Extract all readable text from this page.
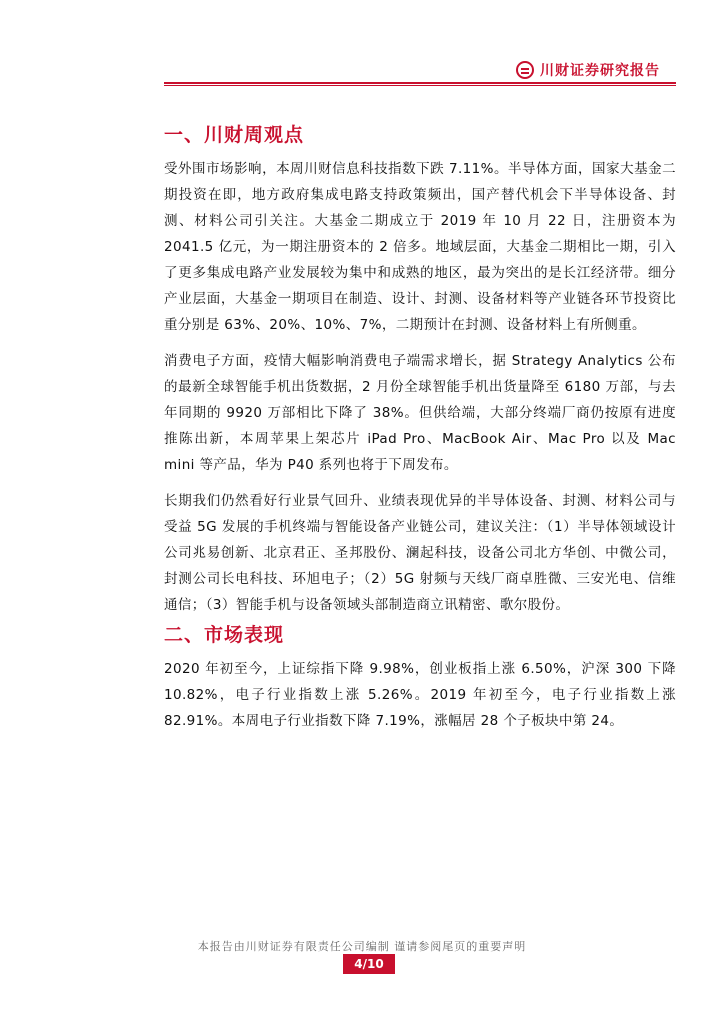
川财证券研究报告
一、川财周观点
受外围市场影响，本周川财信息科技指数下跌 7.11%。半导体方面，国家大基金二期投资在即，地方政府集成电路支持政策频出，国产替代机会下半导体设备、封测、材料公司引关注。大基金二期成立于 2019 年 10 月 22 日，注册资本为 2041.5 亿元，为一期注册资本的 2 倍多。地域层面，大基金二期相比一期，引入了更多集成电路产业发展较为集中和成熟的地区，最为突出的是长江经济带。细分产业层面，大基金一期项目在制造、设计、封测、设备材料等产业链各环节投资比重分别是 63%、20%、10%、7%，二期预计在封测、设备材料上有所侧重。
消费电子方面，疫情大幅影响消费电子端需求增长，据 Strategy Analytics 公布的最新全球智能手机出货数据，2 月份全球智能手机出货量降至 6180 万部，与去年同期的 9920 万部相比下降了 38%。但供给端，大部分终端厂商仍按原有进度推陈出新，本周苹果上架芯片 iPad Pro、MacBook Air、Mac Pro 以及 Mac mini 等产品，华为 P40 系列也将于下周发布。
长期我们仍然看好行业景气回升、业绩表现优异的半导体设备、封测、材料公司与受益 5G 发展的手机终端与智能设备产业链公司，建议关注：（1）半导体领域设计公司兆易创新、北京君正、圣邦股份、澜起科技，设备公司北方华创、中微公司，封测公司长电科技、环旭电子；（2）5G 射频与天线厂商卓胜微、三安光电、信维通信；（3）智能手机与设备领域头部制造商立讯精密、歌尔股份。
二、市场表现
2020 年初至今，上证综指下降 9.98%，创业板指上涨 6.50%，沪深 300 下降 10.82%，电子行业指数上涨 5.26%。2019 年初至今，电子行业指数上涨 82.91%。本周电子行业指数下降 7.19%，涨幅居 28 个子板块中第 24。
本报告由川财证券有限责任公司编制 谨请参阅尾页的重要声明
4/10
